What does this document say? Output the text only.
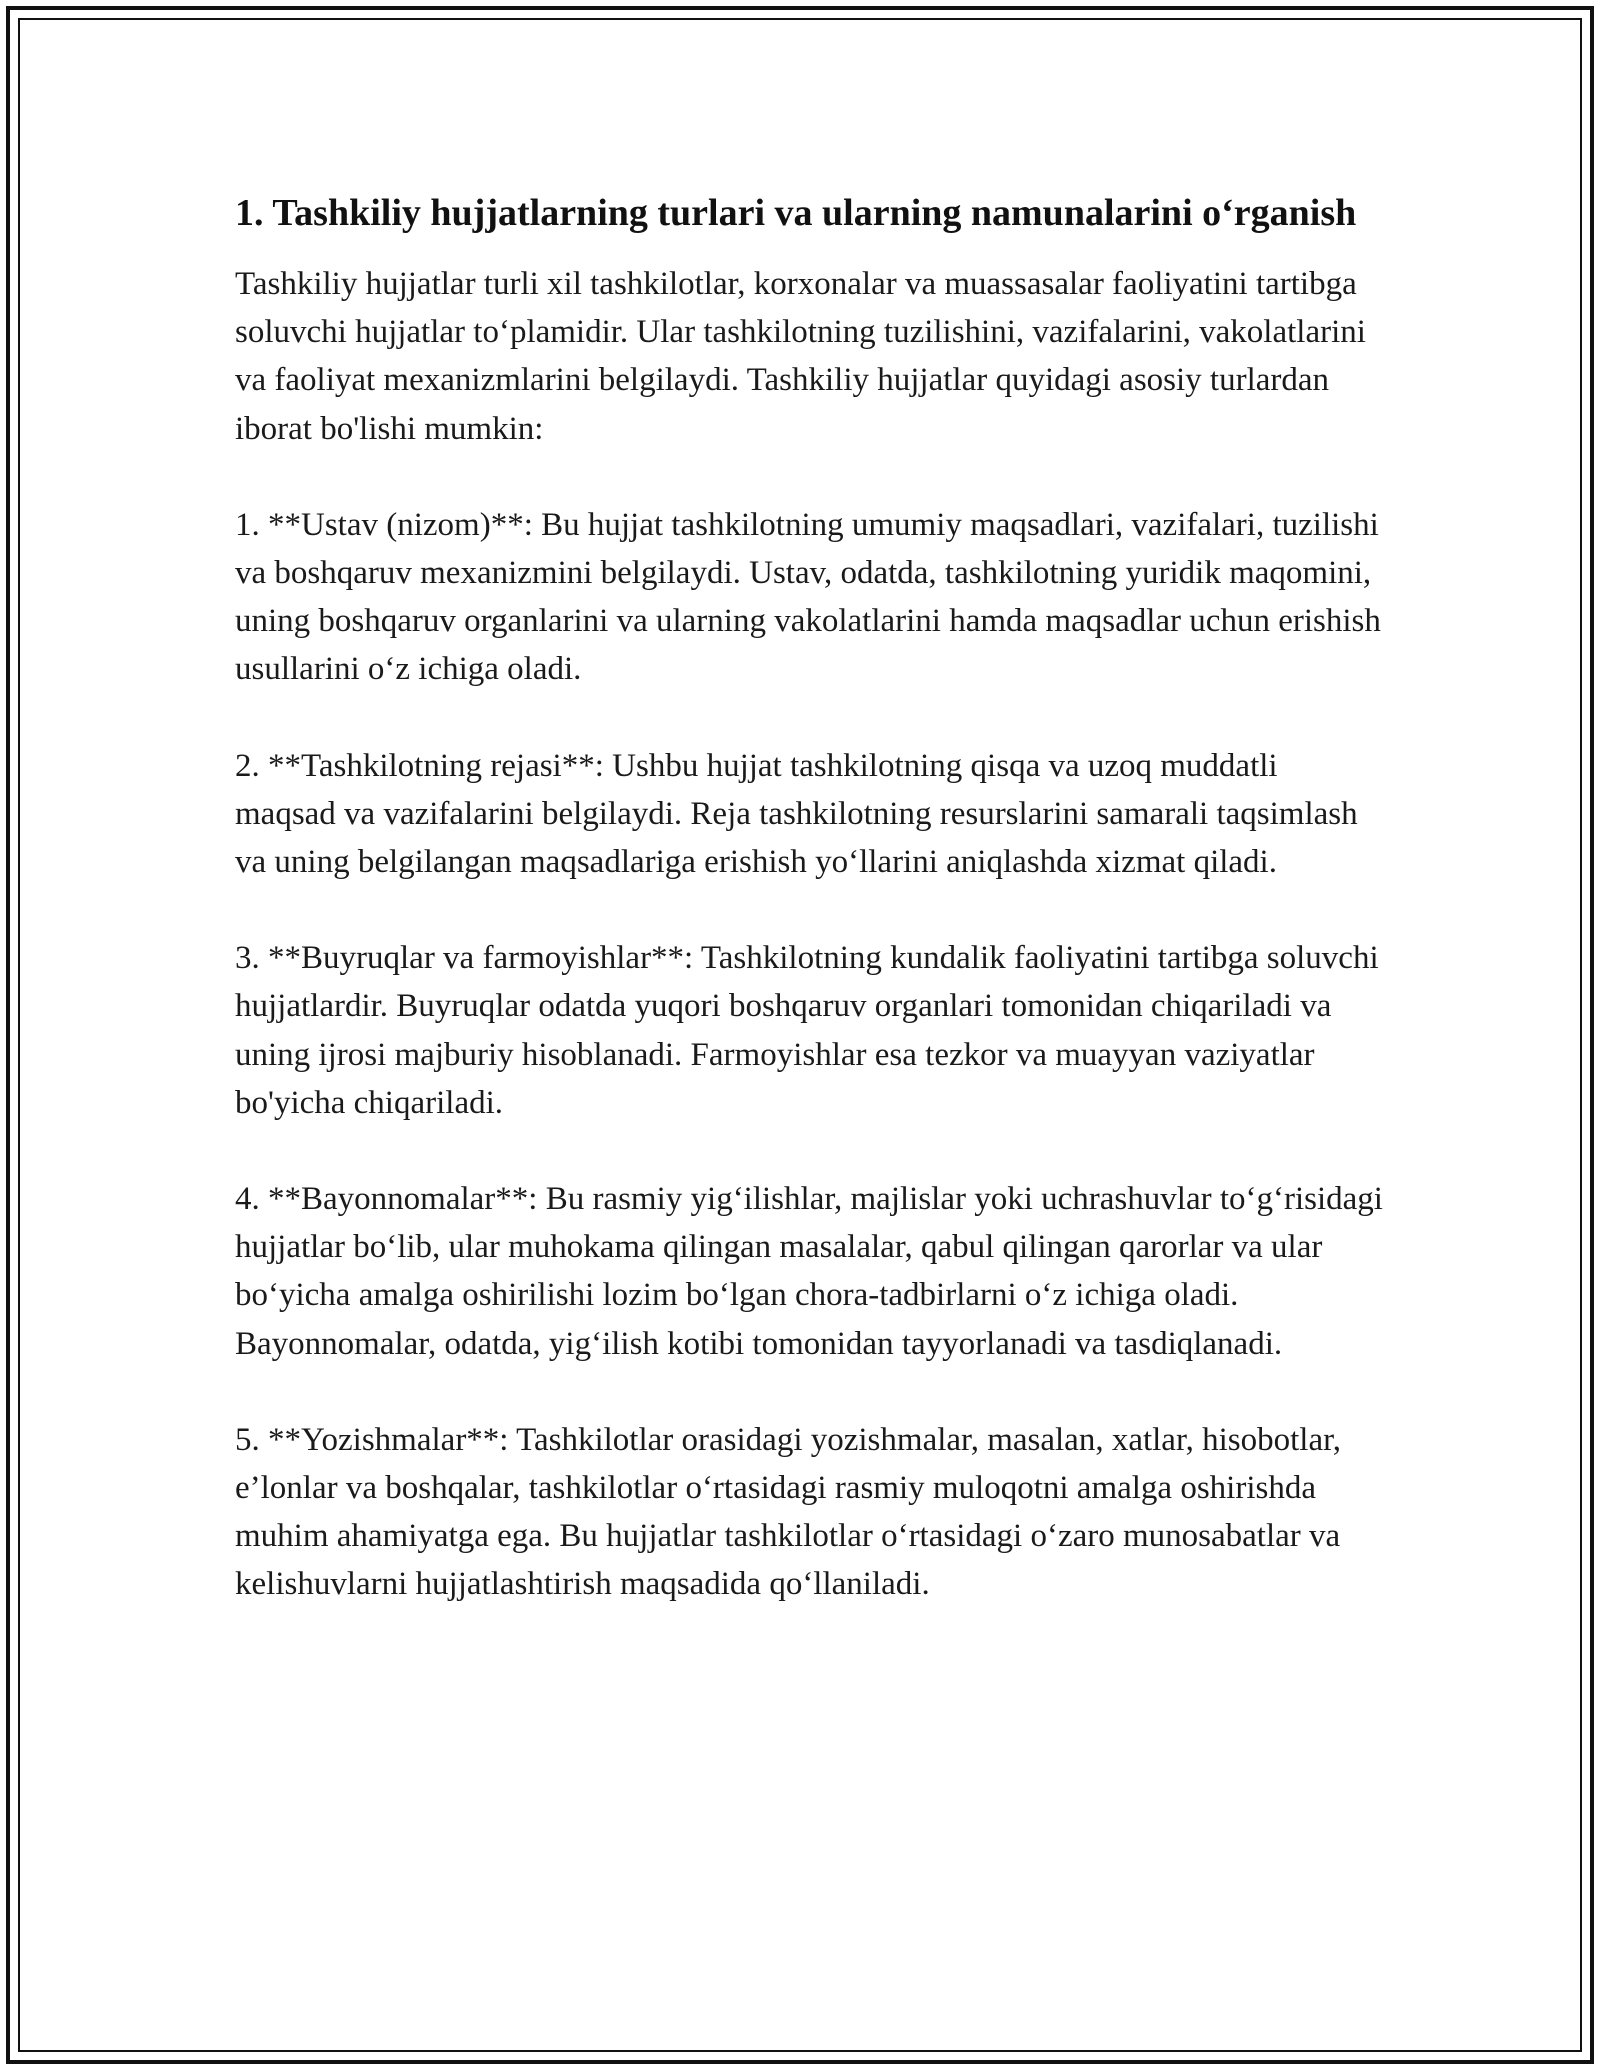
1. Tashkiliy hujjatlarning turlari va ularning namunalarini o‘rganish

Tashkiliy hujjatlar turli xil tashkilotlar, korxonalar va muassasalar faoliyatini tartibga soluvchi hujjatlar to‘plamidir. Ular tashkilotning tuzilishini, vazifalarini, vakolatlarini va faoliyat mexanizmlarini belgilaydi. Tashkiliy hujjatlar quyidagi asosiy turlardan iborat bo'lishi mumkin:

1. **Ustav (nizom)**: Bu hujjat tashkilotning umumiy maqsadlari, vazifalari, tuzilishi va boshqaruv mexanizmini belgilaydi. Ustav, odatda, tashkilotning yuridik maqomini, uning boshqaruv organlarini va ularning vakolatlarini hamda maqsadlar uchun erishish usullarini o‘z ichiga oladi.

2. **Tashkilotning rejasi**: Ushbu hujjat tashkilotning qisqa va uzoq muddatli maqsad va vazifalarini belgilaydi. Reja tashkilotning resurslarini samarali taqsimlash va uning belgilangan maqsadlariga erishish yo‘llarini aniqlashda xizmat qiladi.

3. **Buyruqlar va farmoyishlar**: Tashkilotning kundalik faoliyatini tartibga soluvchi hujjatlardir. Buyruqlar odatda yuqori boshqaruv organlari tomonidan chiqariladi va uning ijrosi majburiy hisoblanadi. Farmoyishlar esa tezkor va muayyan vaziyatlar bo'yicha chiqariladi.

4. **Bayonnomalar**: Bu rasmiy yig‘ilishlar, majlislar yoki uchrashuvlar to‘g‘risidagi hujjatlar bo‘lib, ular muhokama qilingan masalalar, qabul qilingan qarorlar va ular bo‘yicha amalga oshirilishi lozim bo‘lgan chora-tadbirlarni o‘z ichiga oladi. Bayonnomalar, odatda, yig‘ilish kotibi tomonidan tayyorlanadi va tasdiqlanadi.

5. **Yozishmalar**: Tashkilotlar orasidagi yozishmalar, masalan, xatlar, hisobotlar, e’lonlar va boshqalar, tashkilotlar o‘rtasidagi rasmiy muloqotni amalga oshirishda muhim ahamiyatga ega. Bu hujjatlar tashkilotlar o‘rtasidagi o‘zaro munosabatlar va kelishuvlarni hujjatlashtirish maqsadida qo‘llaniladi.
